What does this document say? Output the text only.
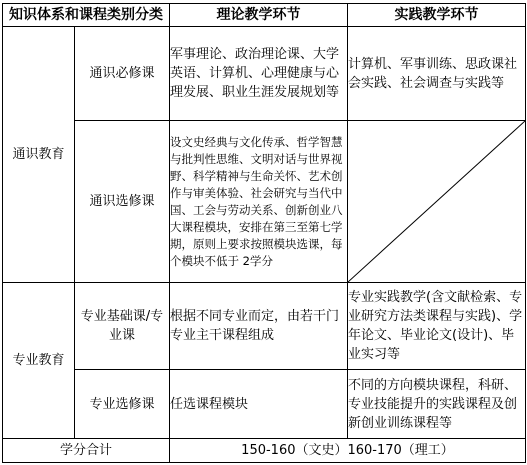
知识体系和课程类别分类		理论教学环节	实践教学环节
通识教育	通识必修课	军事理论、政治理论课、大学英语、计算机、心理健康与心理发展、职业生涯发展规划等	计算机、军事训练、思政课社会实践、社会调查与实践等
	通识选修课	设文史经典与文化传承、哲学智慧与批判性思维、文明对话与世界视野、科学精神与生命关怀、艺术创作与审美体验、社会研究与当代中国、工会与劳动关系、创新创业八大课程模块，安排在第三至第七学期，原则上要求按照模块选课，每个模块不低于 2学分	

专业教育	专业基础课/专业课	根据不同专业而定，由若干门专业主干课程组成	专业实践教学(含文献检索、专业研究方法类课程与实践)、学年论文、毕业论文(设计)、毕业实习等
	专业选修课	任选课程模块	不同的方向模块课程，科研、专业技能提升的实践课程及创新创业训练课程等
学分合计		150-160（文史）160-170（理工）	
